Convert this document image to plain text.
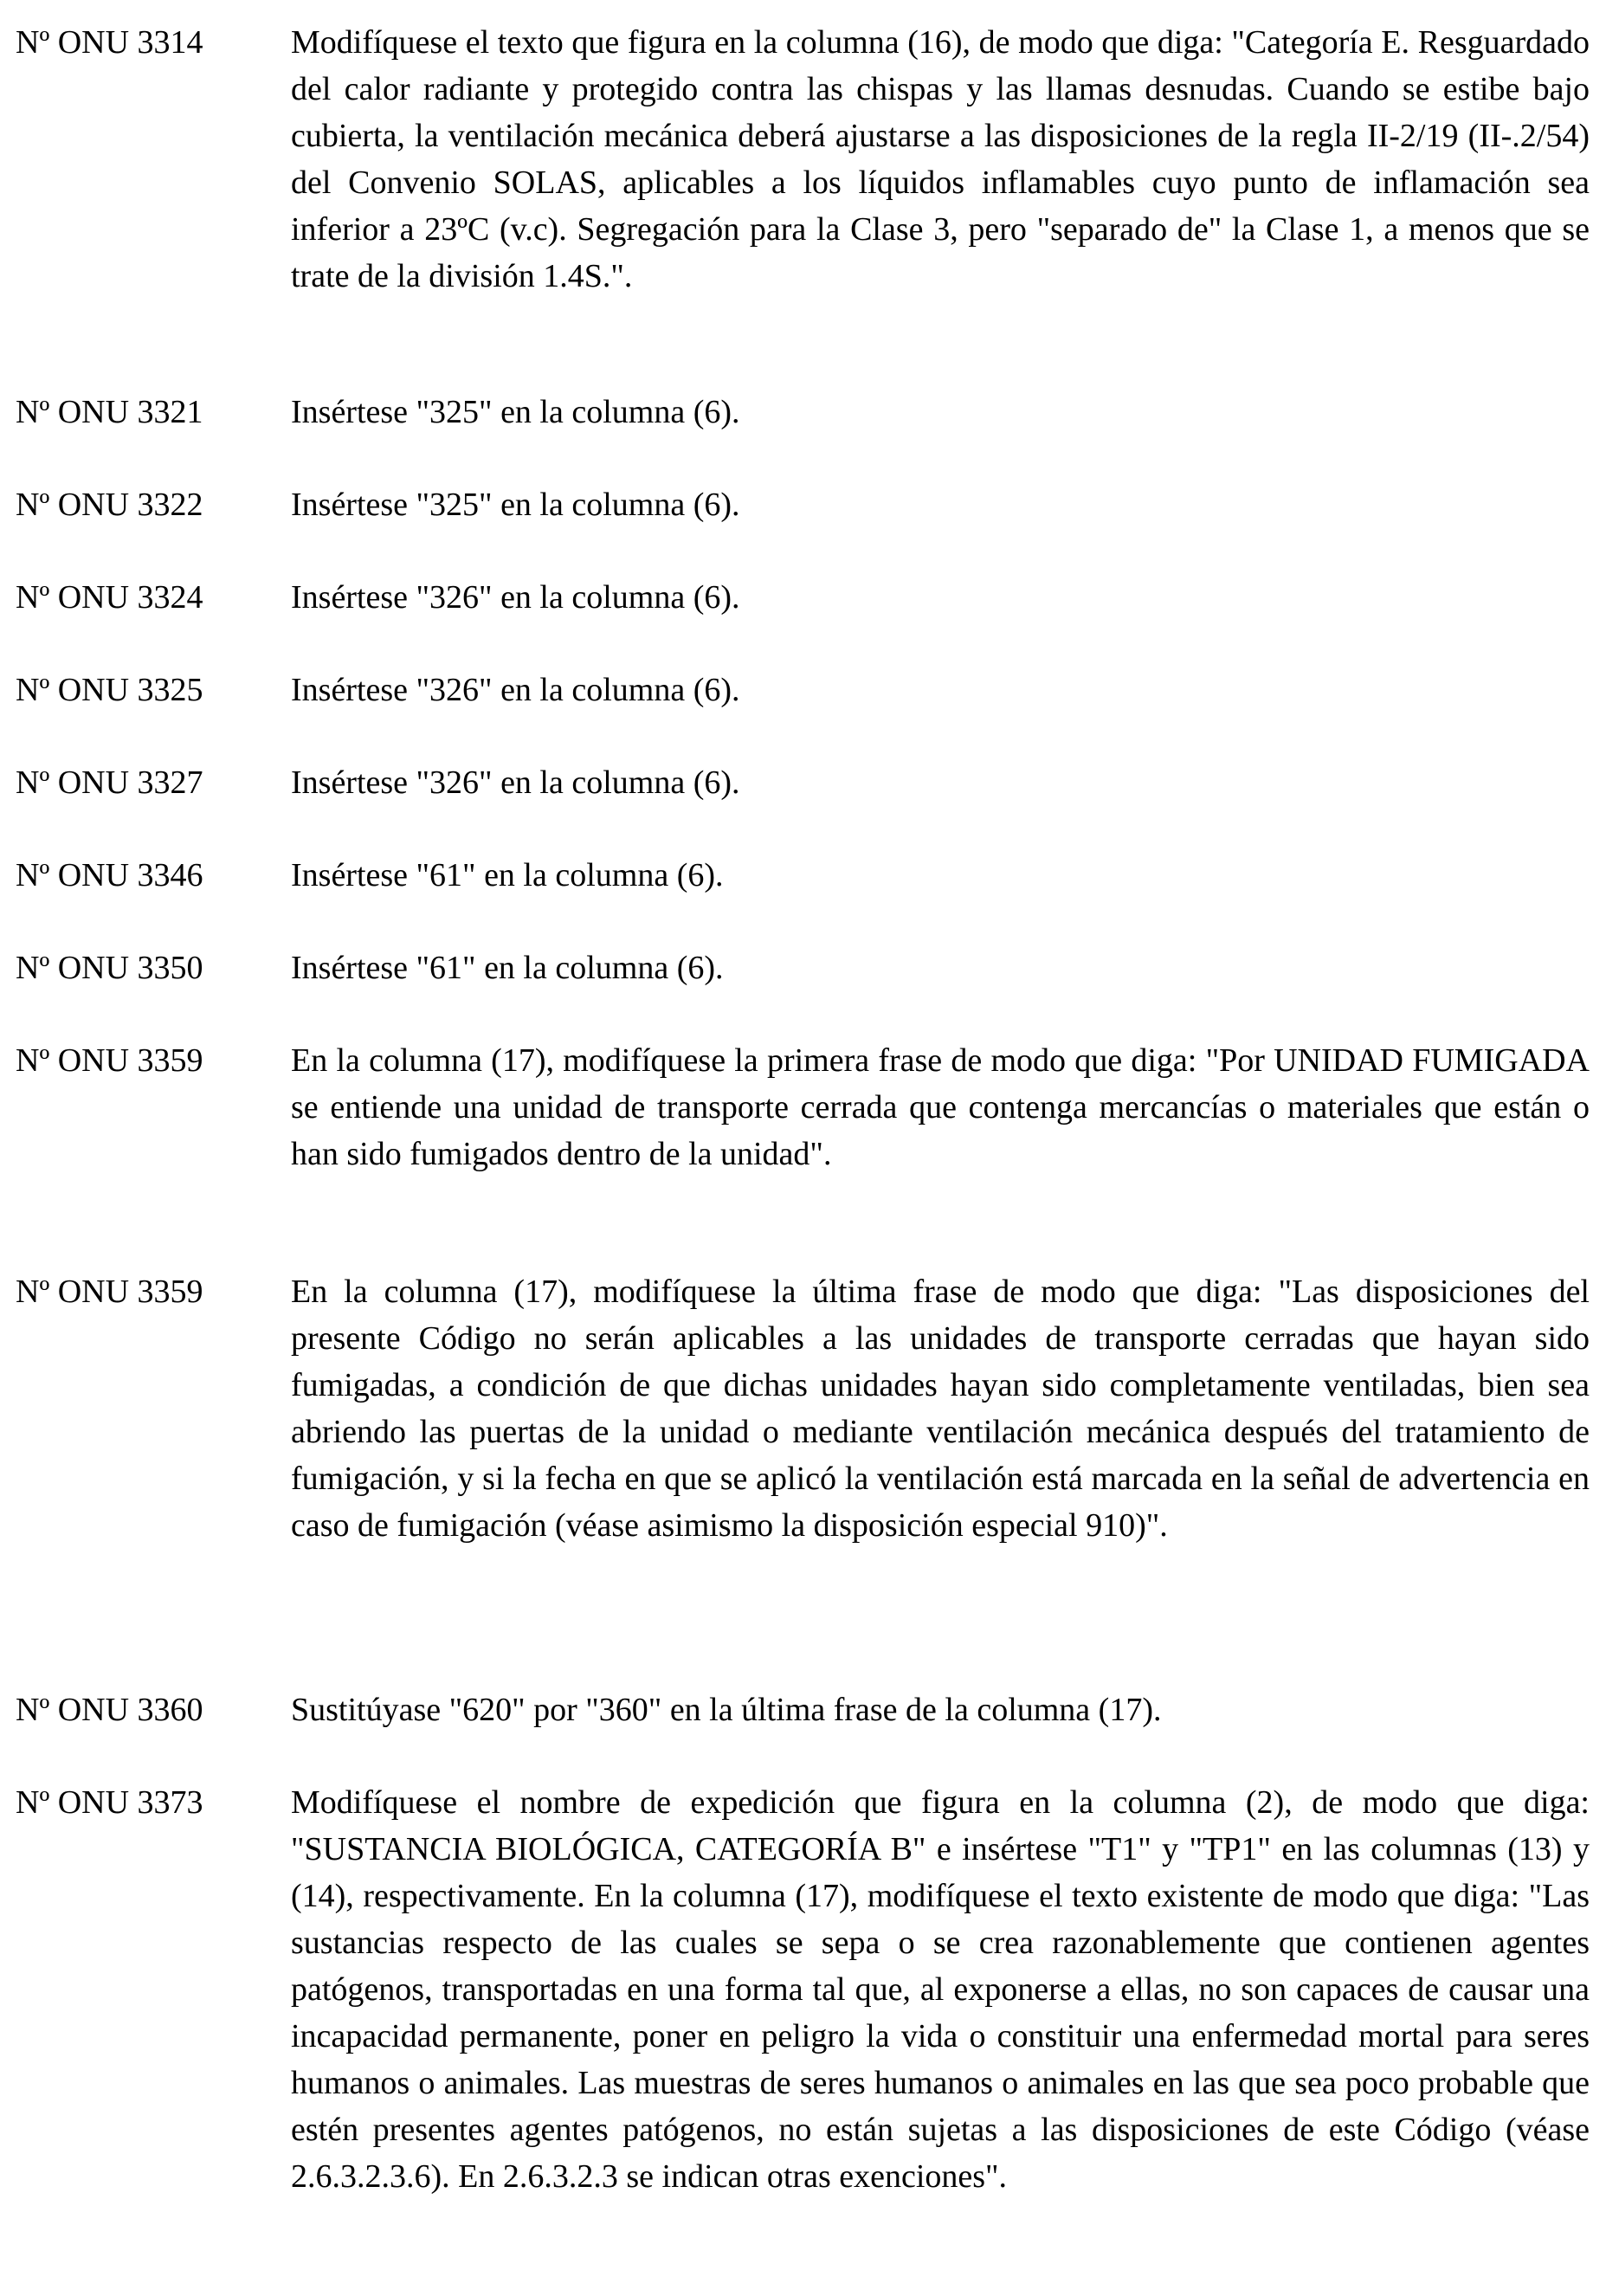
Nº ONU 3314	Modifíquese el texto que figura en la columna (16), de modo que diga: "Categoría E. Resguardado del calor radiante y protegido contra las chispas y las llamas desnudas. Cuando se estibe bajo cubierta, la ventilación mecánica deberá ajustarse a las disposiciones de la regla II-2/19 (II-.2/54) del Convenio SOLAS, aplicables a los líquidos inflamables cuyo punto de inflamación sea inferior a 23ºC (v.c). Segregación para la Clase 3, pero "separado de" la Clase 1, a menos que se trate de la división 1.4S.".
Nº ONU 3321	Insértese "325" en la columna (6).
Nº ONU 3322	Insértese "325" en la columna (6).
Nº ONU 3324	Insértese "326" en la columna (6).
Nº ONU 3325	Insértese "326" en la columna (6).
Nº ONU 3327	Insértese "326" en la columna (6).
Nº ONU 3346	Insértese "61" en la columna (6).
Nº ONU 3350	Insértese "61" en la columna (6).
Nº ONU 3359	En la columna (17), modifíquese la primera frase de modo que diga: "Por UNIDAD FUMIGADA se entiende una unidad de transporte cerrada que contenga mercancías o materiales que están o han sido fumigados dentro de la unidad".
Nº ONU 3359	En la columna (17), modifíquese la última frase de modo que diga: "Las disposiciones del presente Código no serán aplicables a las unidades de transporte cerradas que hayan sido fumigadas, a condición de que dichas unidades hayan sido completamente ventiladas, bien sea abriendo las puertas de la unidad o mediante ventilación mecánica después del tratamiento de fumigación, y si la fecha en que se aplicó la ventilación está marcada en la señal de advertencia en caso de fumigación (véase asimismo la disposición especial 910)".
Nº ONU 3360	Sustitúyase "620" por "360" en la última frase de la columna (17).
Nº ONU 3373	Modifíquese el nombre de expedición que figura en la columna (2), de modo que diga: "SUSTANCIA BIOLÓGICA, CATEGORÍA B" e insértese "T1" y "TP1" en las columnas (13) y (14), respectivamente. En la columna (17), modifíquese el texto existente de modo que diga: "Las sustancias respecto de las cuales se sepa o se crea razonablemente que contienen agentes patógenos, transportadas en una forma tal que, al exponerse a ellas, no son capaces de causar una incapacidad permanente, poner en peligro la vida o constituir una enfermedad mortal para seres humanos o animales. Las muestras de seres humanos o animales en las que sea poco probable que estén presentes agentes patógenos, no están sujetas a las disposiciones de este Código (véase 2.6.3.2.3.6). En 2.6.3.2.3 se indican otras exenciones".
